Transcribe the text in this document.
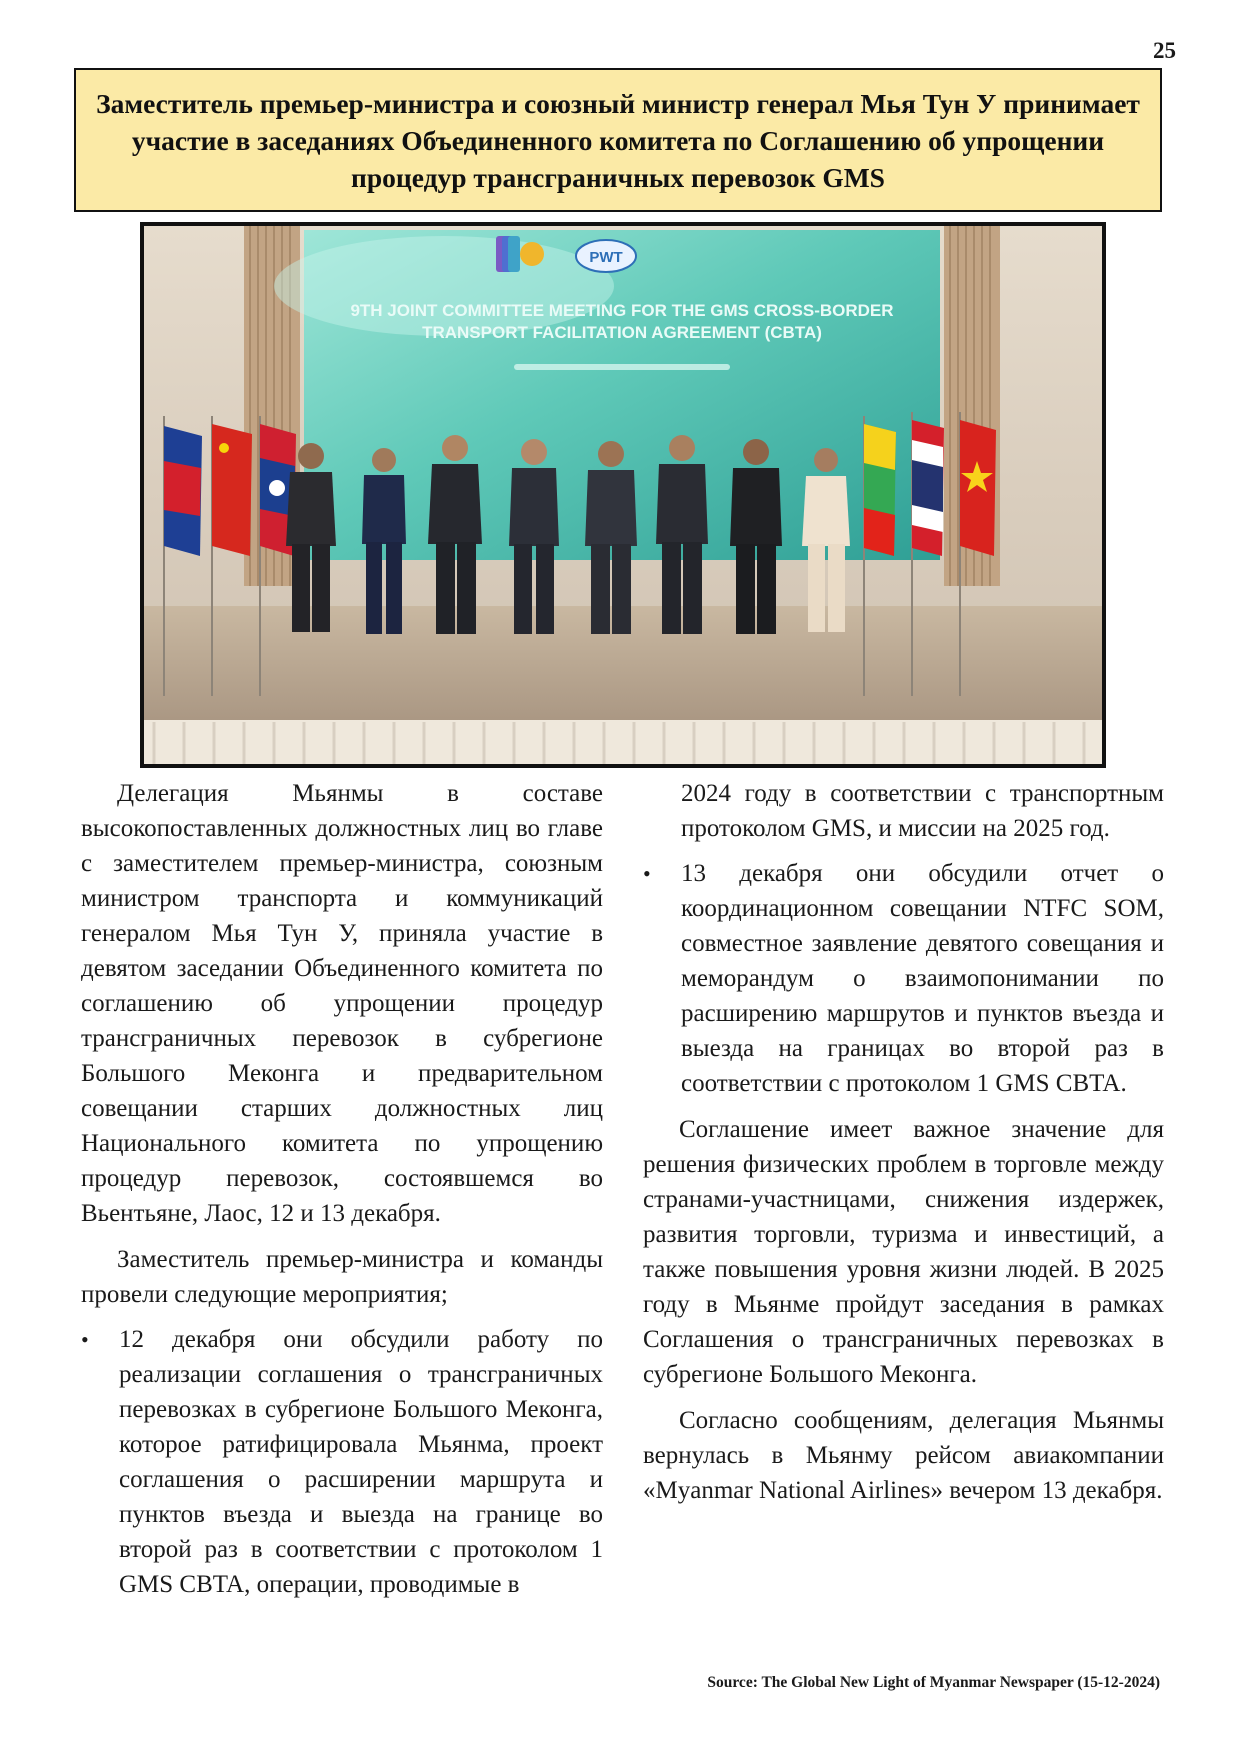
25
Заместитель премьер-министра и союзный министр генерал Мья Тун У принимает участие в заседаниях Объединенного комитета по Соглашению об упрощении процедур трансграничных перевозок GMS
PWT
9TH JOINT COMMITTEE MEETING FOR THE GMS CROSS-BORDER
TRANSPORT FACILITATION AGREEMENT (CBTA)

Делегация Мьянмы в составе высокопоставленных должностных лиц во главе с заместителем премьер-министра, союзным министром транспорта и коммуникаций генералом Мья Тун У, приняла участие в девятом заседании Объединенного комитета по соглашению об упрощении процедур трансграничных перевозок в субрегионе Большого Меконга и предварительном совещании старших должностных лиц Национального комитета по упрощению процедур перевозок, состоявшемся во Вьентьяне, Лаос, 12 и 13 декабря.

Заместитель премьер-министра и команды провели следующие мероприятия;

• 12 декабря они обсудили работу по реализации соглашения о трансграничных перевозках в субрегионе Большого Меконга, которое ратифицировала Мьянма, проект соглашения о расширении маршрута и пунктов въезда и выезда на границе во второй раз в соответствии с протоколом 1 GMS CBTA, операции, проводимые в

2024 году в соответствии с транспортным протоколом GMS, и миссии на 2025 год.

• 13 декабря они обсудили отчет о координационном совещании NTFC SOM, совместное заявление девятого совещания и меморандум о взаимопонимании по расширению маршрутов и пунктов въезда и выезда на границах во второй раз в соответствии с протоколом 1 GMS CBTA.

Соглашение имеет важное значение для решения физических проблем в торговле между странами-участницами, снижения издержек, развития торговли, туризма и инвестиций, а также повышения уровня жизни людей. В 2025 году в Мьянме пройдут заседания в рамках Соглашения о трансграничных перевозках в субрегионе Большого Меконга.

Согласно сообщениям, делегация Мьянмы вернулась в Мьянму рейсом авиакомпании «Myanmar National Airlines» вечером 13 декабря.

Source: The Global New Light of Myanmar Newspaper (15-12-2024)
